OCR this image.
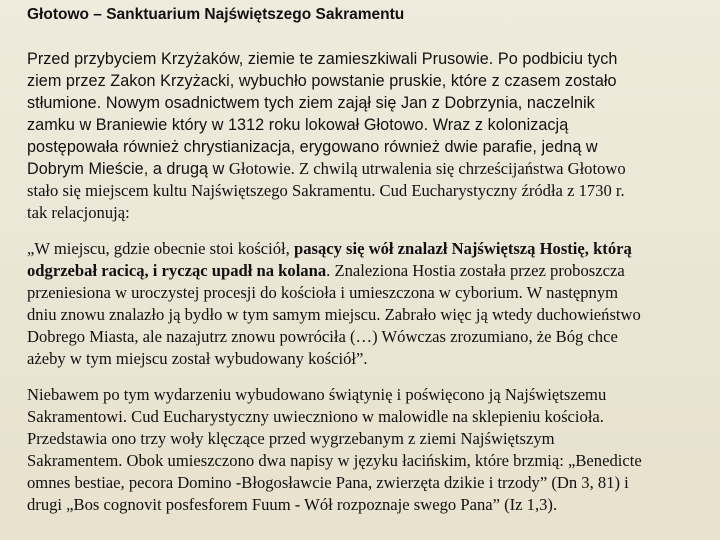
Głotowo – Sanktuarium Najświętszego Sakramentu
Przed przybyciem Krzyżaków, ziemie te zamieszkiwali Prusowie. Po podbiciu tych
ziem przez Zakon Krzyżacki, wybuchło powstanie pruskie, które z czasem zostało
stłumione. Nowym osadnictwem tych ziem zajął się Jan z Dobrzynia, naczelnik
zamku w Braniewie który w 1312 roku lokował Głotowo. Wraz z kolonizacją
postępowała również chrystianizacja, erygowano również dwie parafie, jedną w
Dobrym Mieście, a drugą w Głotowie. Z chwilą utrwalenia się chrześcijaństwa Głotowo
stało się miejscem kultu Najświętszego Sakramentu. Cud Eucharystyczny źródła z 1730 r.
tak relacjonują:
„W miejscu, gdzie obecnie stoi kościół, pasący się wół znalazł Najświętszą Hostię, którą
odgrzebał racicą, i rycząc upadł na kolana. Znaleziona Hostia została przez proboszcza
przeniesiona w uroczystej procesji do kościoła i umieszczona w cyborium. W następnym
dniu znowu znalazło ją bydło w tym samym miejscu. Zabrało więc ją wtedy duchowieństwo
Dobrego Miasta, ale nazajutrz znowu powróciła (…) Wówczas zrozumiano, że Bóg chce
ażeby w tym miejscu został wybudowany kościół”.
Niebawem po tym wydarzeniu wybudowano świątynię i poświęcono ją Najświętszemu
Sakramentowi. Cud Eucharystyczny uwieczniono w malowidle na sklepieniu kościoła.
Przedstawia ono trzy woły klęczące przed wygrzebanym z ziemi Najświętszym
Sakramentem. Obok umieszczono dwa napisy w języku łacińskim, które brzmią: „Benedicte
omnes bestiae, pecora Domino -Błogosławcie Pana, zwierzęta dzikie i trzody” (Dn 3, 81) i
drugi „Bos cognovit posfesforem Fuum - Wół rozpoznaje swego Pana” (Iz 1,3).
